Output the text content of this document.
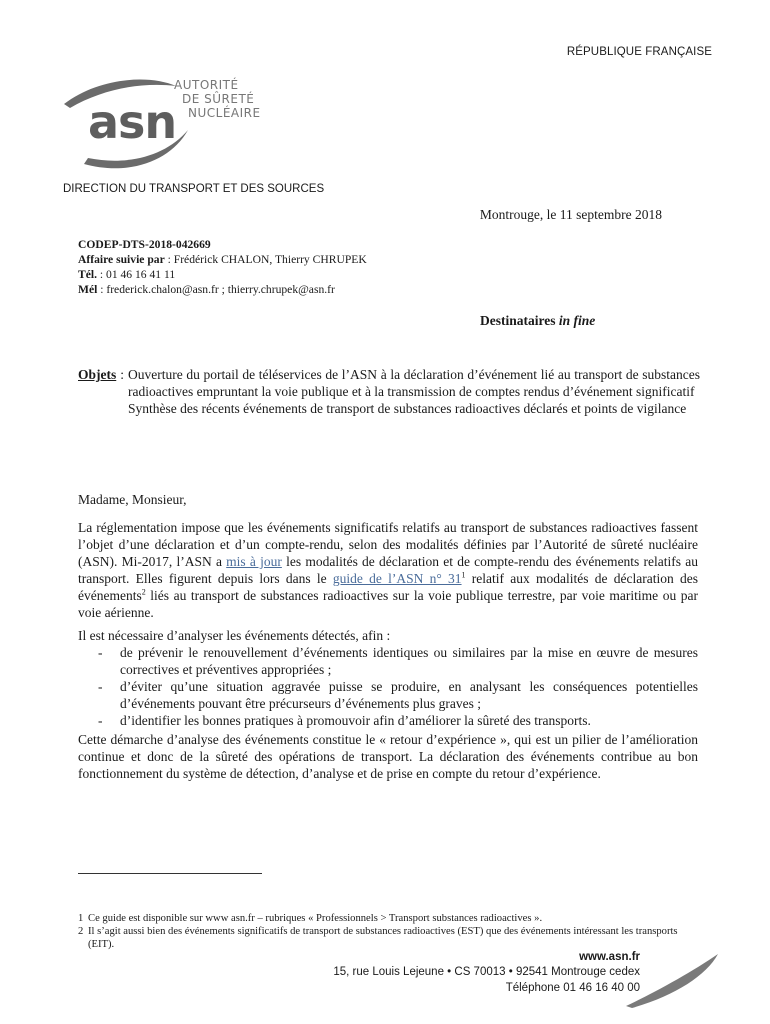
RÉPUBLIQUE FRANÇAISE
asn
AUTORITÉ
DE SÛRETÉ
NUCLÉAIRE
DIRECTION DU TRANSPORT ET DES SOURCES
Montrouge, le 11 septembre 2018
CODEP-DTS-2018-042669
Affaire suivie par : Frédérick CHALON, Thierry CHRUPEK
Tél. : 01 46 16 41 11
Mél : frederick.chalon@asn.fr ; thierry.chrupek@asn.fr
Destinataires in fine
Objets : Ouverture du portail de téléservices de l’ASN à la déclaration d’événement lié au transport de substances radioactives empruntant la voie publique et à la transmission de comptes rendus d’événement significatif

Synthèse des récents événements de transport de substances radioactives déclarés et points de vigilance

Madame, Monsieur,

La réglementation impose que les événements significatifs relatifs au transport de substances radioactives fassent l’objet d’une déclaration et d’un compte-rendu, selon des modalités définies par l’Autorité de sûreté nucléaire (ASN). Mi-2017, l’ASN a mis à jour les modalités de déclaration et de compte-rendu des événements relatifs au transport. Elles figurent depuis lors dans le guide de l’ASN n° $31^1$ relatif aux modalités de déclaration des événements$^2$ liés au transport de substances radioactives sur la voie publique terrestre, par voie maritime ou par voie aérienne.

Il est nécessaire d’analyser les événements détectés, afin :

-	de prévenir le renouvellement d’événements identiques ou similaires par la mise en œuvre de mesures correctives et préventives appropriées ;
-	d’éviter qu’une situation aggravée puisse se produire, en analysant les conséquences potentielles d’événements pouvant être précurseurs d’événements plus graves ;
-	d’identifier les bonnes pratiques à promouvoir afin d’améliorer la sûreté des transports.

Cette démarche d’analyse des événements constitue le « retour d’expérience », qui est un pilier de l’amélioration continue et donc de la sûreté des opérations de transport. La déclaration des événements contribue au bon fonctionnement du système de détection, d’analyse et de prise en compte du retour d’expérience.

1 Ce guide est disponible sur www asn.fr – rubriques « Professionnels > Transport substances radioactives ».
2 Il s’agit aussi bien des événements significatifs de transport de substances radioactives (EST) que des événements intéressant les transports (EIT).
www.asn.fr
15, rue Louis Lejeune • CS 70013 • 92541 Montrouge cedex
Téléphone 01 46 16 40 00
